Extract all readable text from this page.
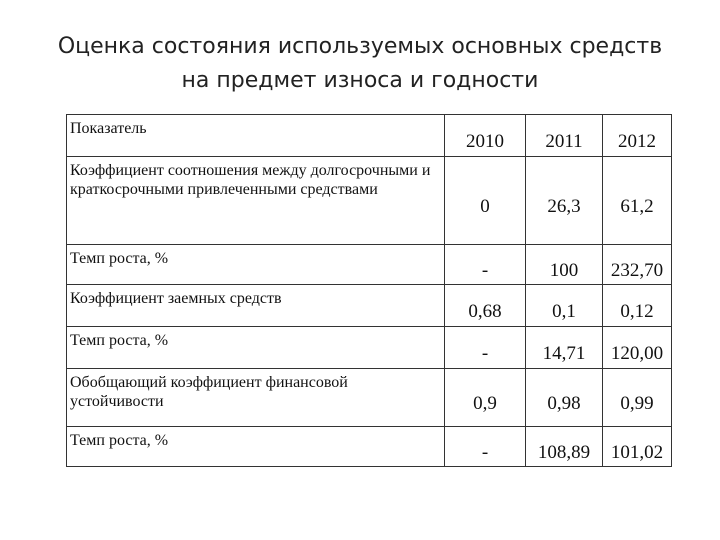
Оценка состояния используемых основных средств
на предмет износа и годности
Показатель	2010	2011	2012
Коэффициент соотношения между долгосрочными и краткосрочными привлеченными средствами	0	26,3	61,2
Темп роста, %	-	100	232,70
Коэффициент заемных средств	0,68	0,1	0,12
Темп роста, %	-	14,71	120,00
Обобщающий коэффициент финансовой устойчивости	0,9	0,98	0,99
Темп роста, %	-	108,89	101,02
